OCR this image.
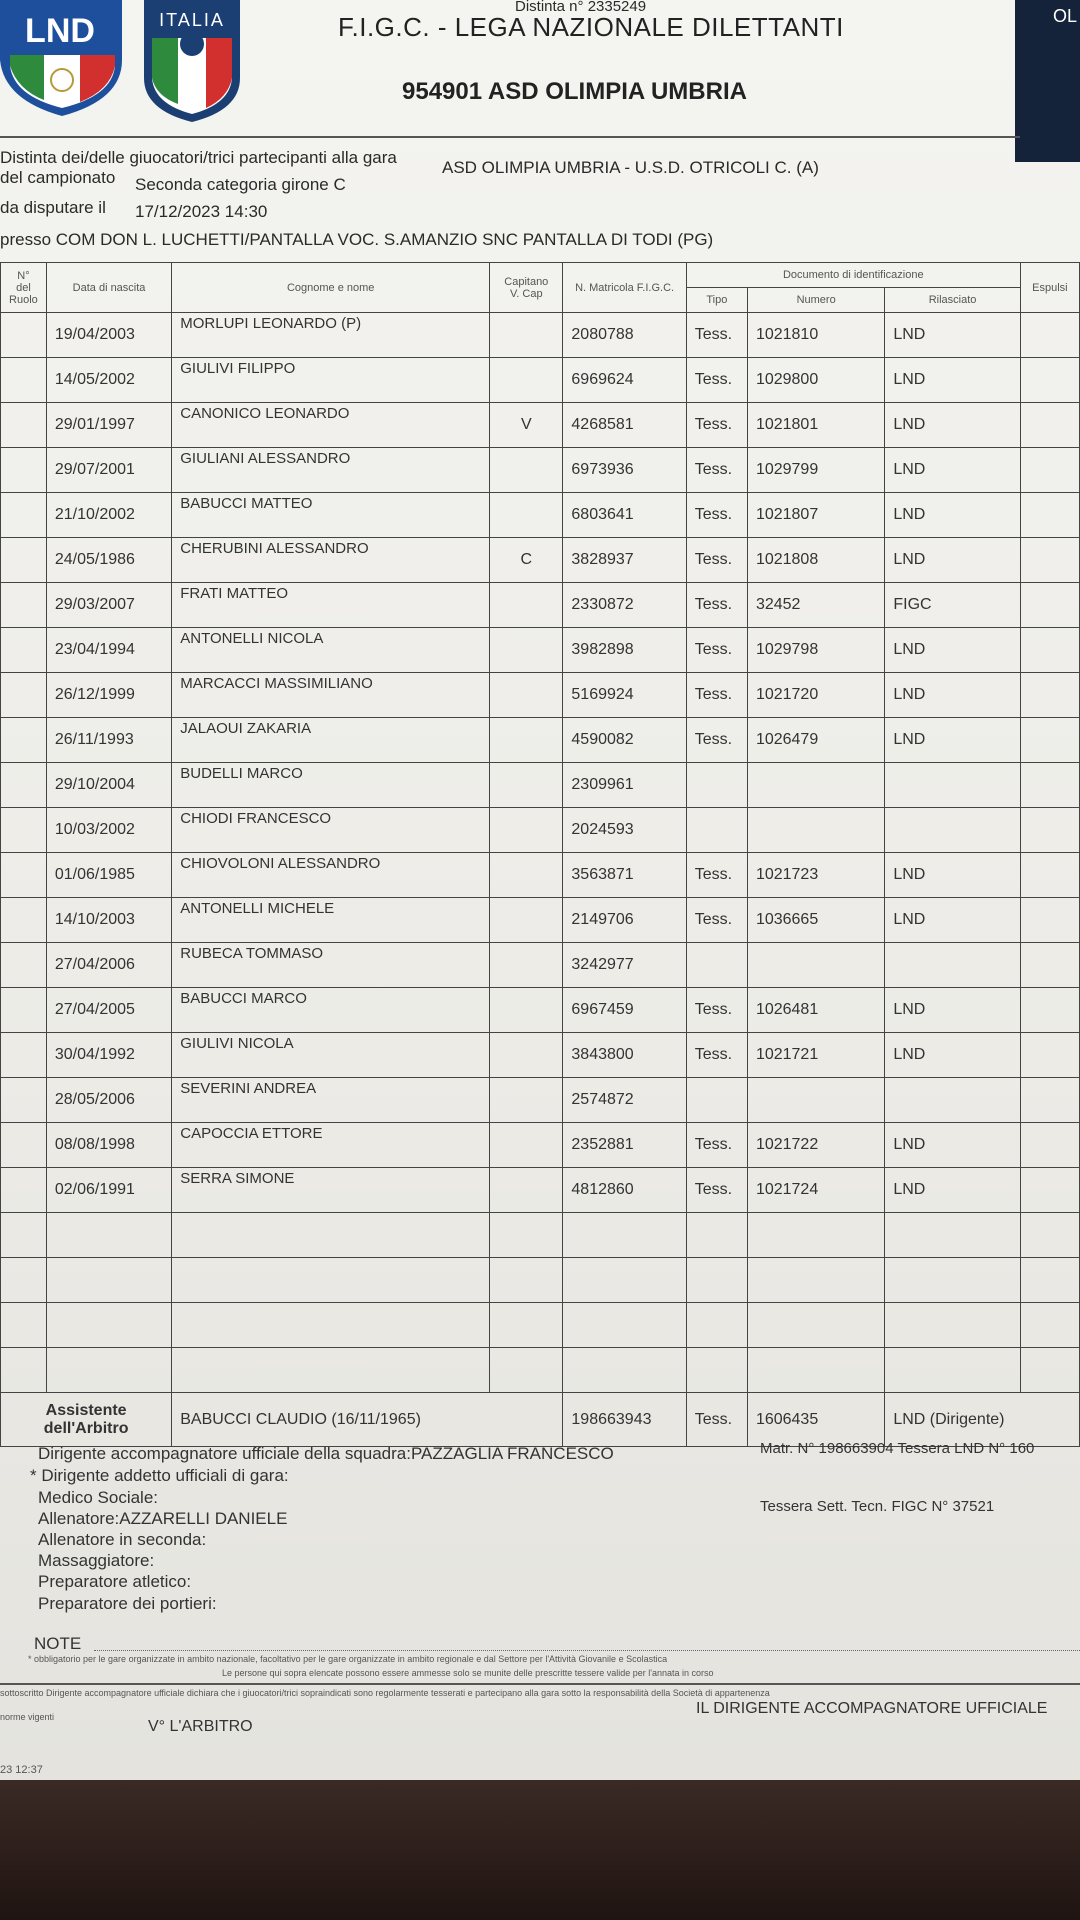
LND	ITALIA	OL
Distinta n° 2335249
F.I.G.C. - LEGA NAZIONALE DILETTANTI
954901 ASD OLIMPIA UMBRIA
Distinta dei/delle giuocatori/trici partecipanti alla gara
ASD OLIMPIA UMBRIA - U.S.D. OTRICOLI C. (A)
del campionato Seconda categoria girone C
da disputare il 17/12/2023 14:30
presso COM DON L. LUCHETTI/PANTALLA VOC. S.AMANZIO SNC PANTALLA DI TODI (PG)
N° del Ruolo	Data di nascita	Cognome e nome	Capitano V. Cap	N. Matricola F.I.G.C.	Documento di identificazione			Espulsi
					Tipo	Numero	Rilasciato	
	19/04/2003	MORLUPI LEONARDO (P)		2080788	Tess.	1021810	LND	
	14/05/2002	GIULIVI FILIPPO		6969624	Tess.	1029800	LND	
	29/01/1997	CANONICO LEONARDO	V	4268581	Tess.	1021801	LND	
	29/07/2001	GIULIANI ALESSANDRO		6973936	Tess.	1029799	LND	
	21/10/2002	BABUCCI MATTEO		6803641	Tess.	1021807	LND	
	24/05/1986	CHERUBINI ALESSANDRO	C	3828937	Tess.	1021808	LND	
	29/03/2007	FRATI MATTEO		2330872	Tess.	32452	FIGC	
	23/04/1994	ANTONELLI NICOLA		3982898	Tess.	1029798	LND	
	26/12/1999	MARCACCI MASSIMILIANO		5169924	Tess.	1021720	LND	
	26/11/1993	JALAOUI ZAKARIA		4590082	Tess.	1026479	LND	
	29/10/2004	BUDELLI MARCO		2309961				
	10/03/2002	CHIODI FRANCESCO		2024593				
	01/06/1985	CHIOVOLONI ALESSANDRO		3563871	Tess.	1021723	LND	
	14/10/2003	ANTONELLI MICHELE		2149706	Tess.	1036665	LND	
	27/04/2006	RUBECA TOMMASO		3242977				
	27/04/2005	BABUCCI MARCO		6967459	Tess.	1026481	LND	
	30/04/1992	GIULIVI NICOLA		3843800	Tess.	1021721	LND	
	28/05/2006	SEVERINI ANDREA		2574872				
	08/08/1998	CAPOCCIA ETTORE		2352881	Tess.	1021722	LND	
	02/06/1991	SERRA SIMONE		4812860	Tess.	1021724	LND	

Assistente dell'Arbitro		BABUCCI CLAUDIO (16/11/1965)		198663943	Tess.	1606435	LND (Dirigente)	
Dirigente accompagnatore ufficiale della squadra:PAZZAGLIA FRANCESCO	Matr. N° 198663904 Tessera LND N° 160
* Dirigente addetto ufficiali di gara:
Medico Sociale:
Allenatore:AZZARELLI DANIELE
Tessera Sett. Tecn. FIGC N° 37521
Allenatore in seconda:
Massaggiatore:
Preparatore atletico:
Preparatore dei portieri:
NOTE
* obbligatorio per le gare organizzate in ambito nazionale, facoltativo per le gare organizzate in ambito regionale e dal Settore per l'Attività Giovanile e Scolastica
Le persone qui sopra elencate possono essere ammesse solo se munite delle prescritte tessere valide per l'annata in corso
sottoscritto Dirigente accompagnatore ufficiale dichiara che i giuocatori/trici sopraindicati sono regolarmente tesserati e partecipano alla gara sotto la responsabilità della Società di appartenenza
norme vigenti
V° L'ARBITRO
IL DIRIGENTE ACCOMPAGNATORE UFFICIALE
23 12:37
